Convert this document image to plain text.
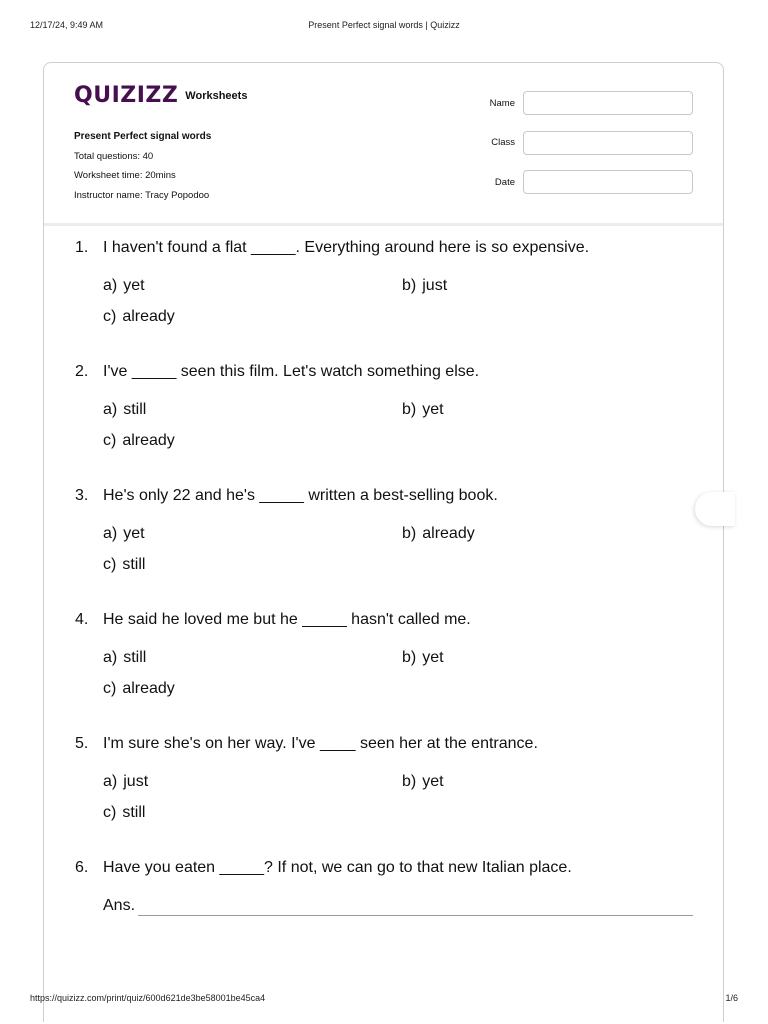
12/17/24, 9:49 AM	Present Perfect signal words | Quizizz
QUIZIZZ Worksheets
Present Perfect signal words
Total questions: 40
Worksheet time: 20mins
Instructor name: Tracy Popodoo
Name
Class
Date
1. I haven't found a flat _____. Everything around here is so expensive.
a) yet	b) just
c) already
2. I've _____ seen this film. Let's watch something else.
a) still	b) yet
c) already
3. He's only 22 and he's _____ written a best-selling book.
a) yet	b) already
c) still
4. He said he loved me but he _____ hasn't called me.
a) still	b) yet
c) already
5. I'm sure she's on her way. I've ____ seen her at the entrance.
a) just	b) yet
c) still
6. Have you eaten _____? If not, we can go to that new Italian place.
Ans.
https://quizizz.com/print/quiz/600d621de3be58001be45ca4	1/6
